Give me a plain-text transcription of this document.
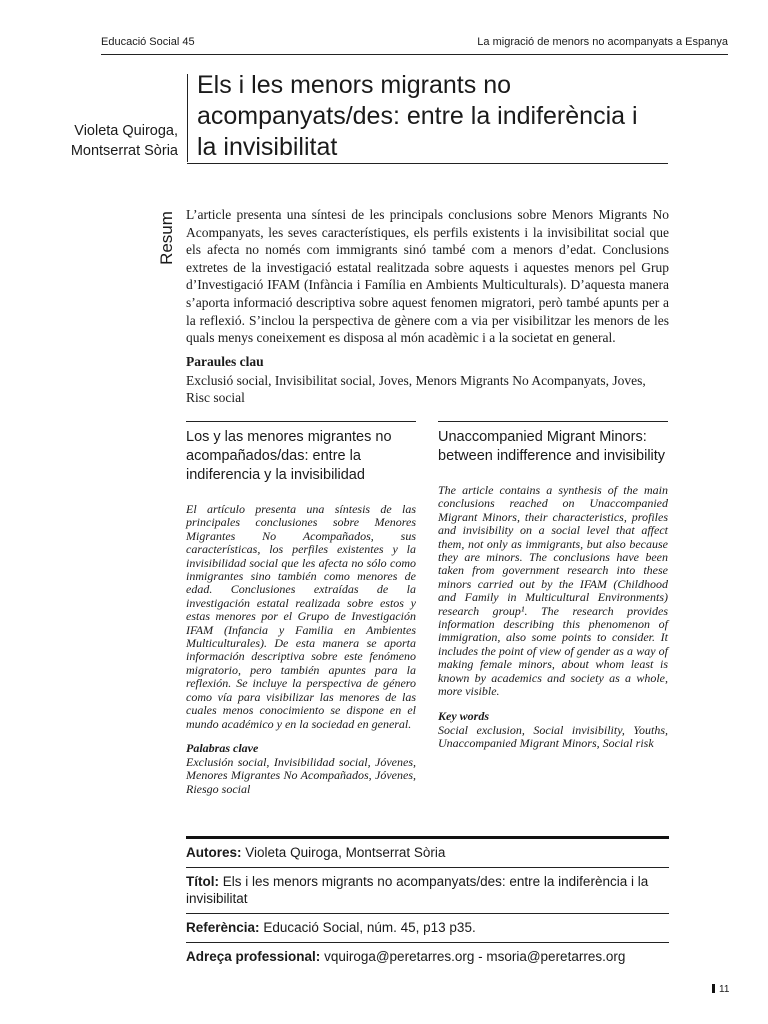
Educació Social 45	La migració de menors no acompanyats a Espanya
Violeta Quiroga,
Montserrat Sòria
Els i les menors migrants no acompanyats/des: entre la indiferència i la invisibilitat
Resum L’article presenta una síntesi de les principals conclusions sobre Menors Migrants No Acompanyats, les seves característiques, els perfils existents i la invisibilitat social que els afecta no només com immigrants sinó també com a menors d’edat. Conclusions extretes de la investigació estatal realitzada sobre aquests i aquestes menors pel Grup d’Investigació IFAM (Infància i Família en Ambients Multiculturals). D’aquesta manera s’aporta informació descriptiva sobre aquest fenomen migratori, però també apunts per a la reflexió. S’inclou la perspectiva de gènere com a via per visibilitzar les menors de les quals menys coneixement es disposa al món acadèmic i a la societat en general.
Paraules clau
Exclusió social, Invisibilitat social, Joves, Menors Migrants No Acompanyats, Joves, Risc social
Los y las menores migrantes no acompañados/das: entre la indiferencia y la invisibilidad
El artículo presenta una síntesis de las principales conclusiones sobre Menores Migrantes No Acompañados, sus características, los perfiles existentes y la invisibilidad social que les afecta no sólo como inmigrantes sino también como menores de edad. Conclusiones extraídas de la investigación estatal realizada sobre estos y estas menores por el Grupo de Investigación IFAM (Infancia y Familia en Ambientes Multiculturales). De esta manera se aporta información descriptiva sobre este fenómeno migratorio, pero también apuntes para la reflexión. Se incluye la perspectiva de género como vía para visibilizar las menores de las cuales menos conocimiento se dispone en el mundo académico y en la sociedad en general.
Palabras clave
Exclusión social, Invisibilidad social, Jóvenes, Menores Migrantes No Acompañados, Jóvenes, Riesgo social
Unaccompanied Migrant Minors: between indifference and invisibility
The article contains a synthesis of the main conclusions reached on Unaccompanied Migrant Minors, their characteristics, profiles and invisibility on a social level that affect them, not only as immigrants, but also because they are minors. The conclusions have been taken from government research into these minors carried out by the IFAM (Childhood and Family in Multicultural Environments) research group¹. The research provides information describing this phenomenon of immigration, also some points to consider. It includes the point of view of gender as a way of making female minors, about whom least is known by academics and society as a whole, more visible.
Key words
Social exclusion, Social invisibility, Youths, Unaccompanied Migrant Minors, Social risk
Autores: Violeta Quiroga, Montserrat Sòria
Títol: Els i les menors migrants no acompanyats/des: entre la indiferència i la invisibilitat
Referència: Educació Social, núm. 45, p13 p35.
Adreça professional: vquiroga@peretarres.org - msoria@peretarres.org
11
